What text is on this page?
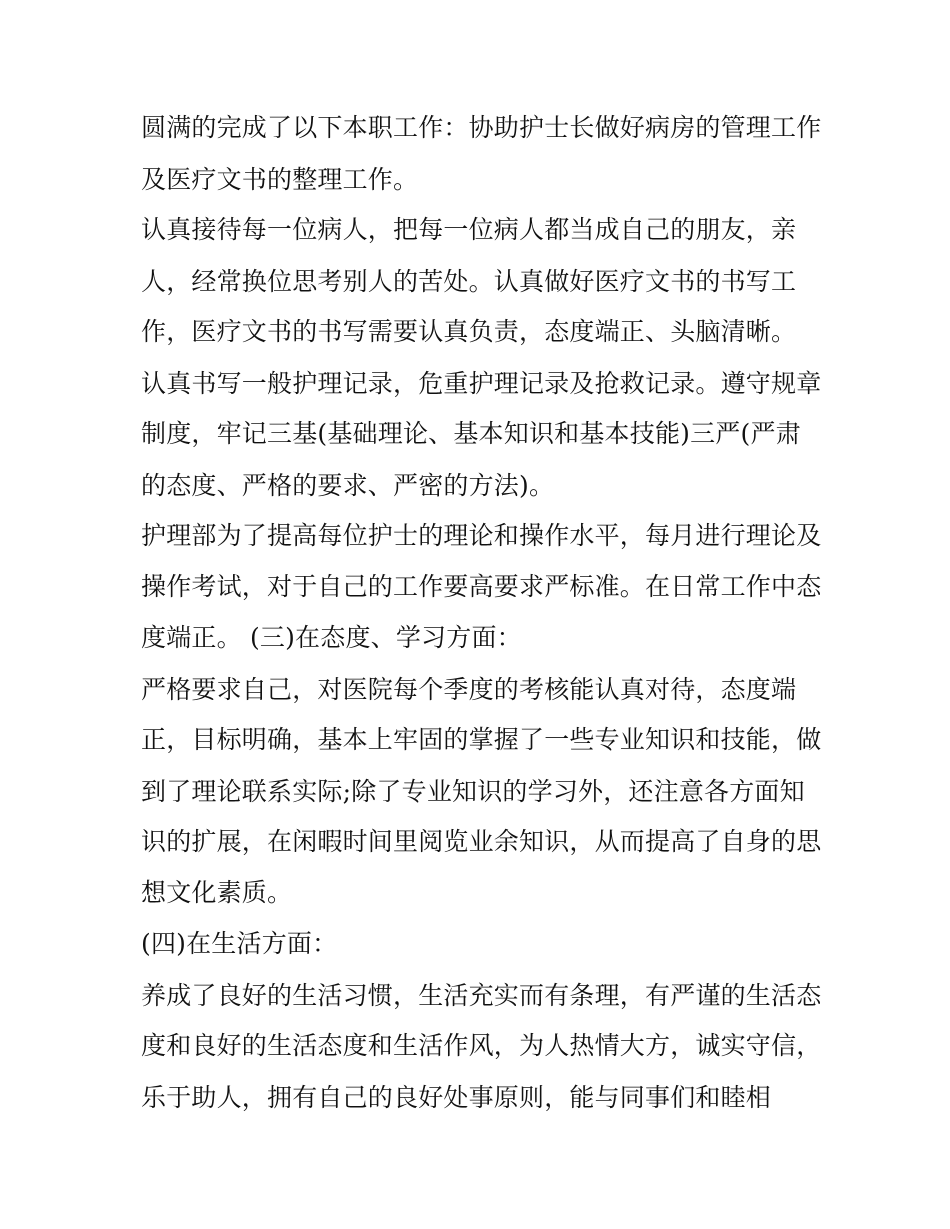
圆满的完成了以下本职工作：协助护士长做好病房的管理工作

及医疗文书的整理工作。

认真接待每一位病人，把每一位病人都当成自己的朋友，亲

人，经常换位思考别人的苦处。认真做好医疗文书的书写工

作，医疗文书的书写需要认真负责，态度端正、头脑清晰。

认真书写一般护理记录，危重护理记录及抢救记录。遵守规章

制度，牢记三基(基础理论、基本知识和基本技能)三严(严肃

的态度、严格的要求、严密的方法)。

护理部为了提高每位护士的理论和操作水平，每月进行理论及

操作考试，对于自己的工作要高要求严标准。在日常工作中态

度端正。 (三)在态度、学习方面：

严格要求自己，对医院每个季度的考核能认真对待，态度端

正，目标明确，基本上牢固的掌握了一些专业知识和技能，做

到了理论联系实际;除了专业知识的学习外，还注意各方面知

识的扩展，在闲暇时间里阅览业余知识，从而提高了自身的思

想文化素质。

(四)在生活方面：

养成了良好的生活习惯，生活充实而有条理，有严谨的生活态

度和良好的生活态度和生活作风，为人热情大方，诚实守信，

乐于助人，拥有自己的良好处事原则，能与同事们和睦相
